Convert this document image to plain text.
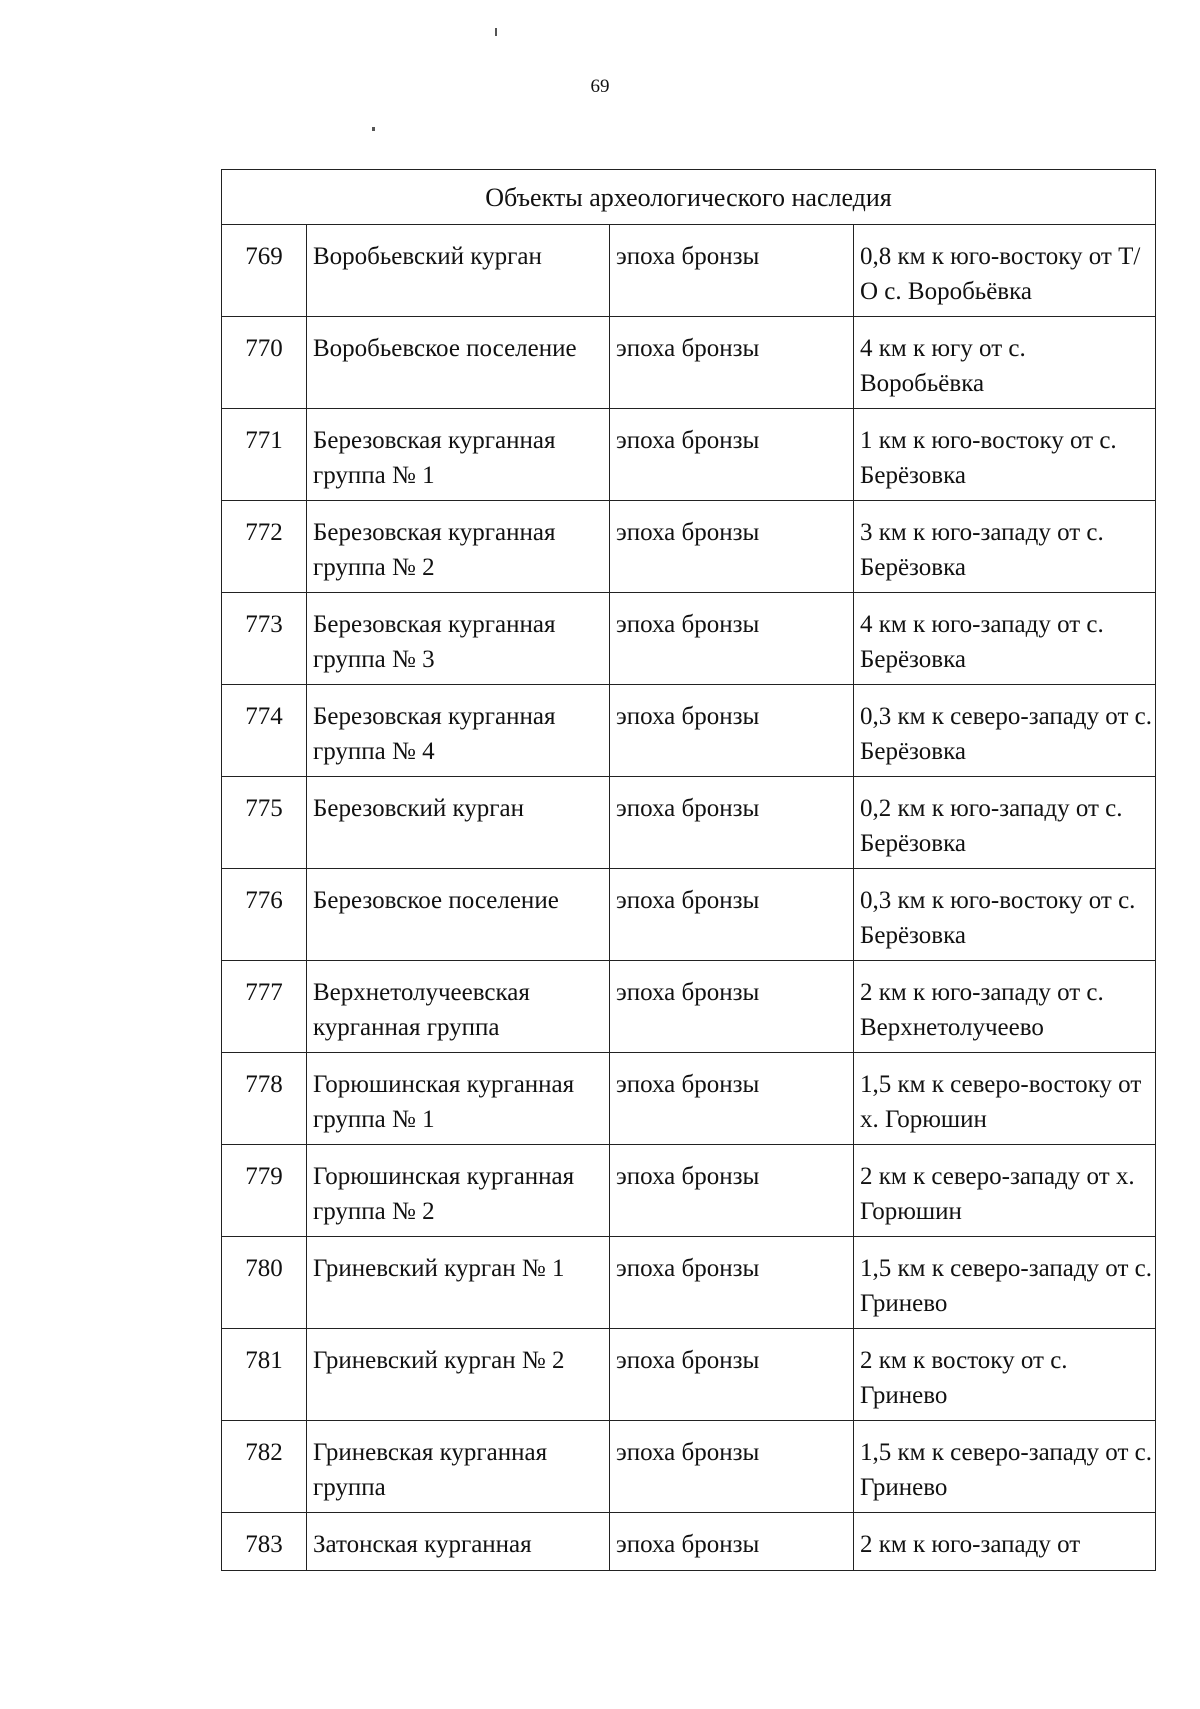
69
Объекты археологического наследия			
769	Воробьевский курган	эпоха бронзы	0,8 км к юго-востоку от Т/О с. Воробьёвка
770	Воробьевское поселение	эпоха бронзы	4 км к югу от с. Воробьёвка
771	Березовская курганная группа № 1	эпоха бронзы	1 км к юго-востоку от с. Берёзовка
772	Березовская курганная группа № 2	эпоха бронзы	3 км к юго-западу от с. Берёзовка
773	Березовская курганная группа № 3	эпоха бронзы	4 км к юго-западу от с. Берёзовка
774	Березовская курганная группа № 4	эпоха бронзы	0,3 км к северо-западу от с. Берёзовка
775	Березовский курган	эпоха бронзы	0,2 км к юго-западу от с. Берёзовка
776	Березовское поселение	эпоха бронзы	0,3 км к юго-востоку от с. Берёзовка
777	Верхнетолучеевская курганная группа	эпоха бронзы	2 км к юго-западу от с. Верхнетолучеево
778	Горюшинская курганная группа № 1	эпоха бронзы	1,5 км к северо-востоку от х. Горюшин
779	Горюшинская курганная группа № 2	эпоха бронзы	2 км к северо-западу от х. Горюшин
780	Гриневский курган № 1	эпоха бронзы	1,5 км к северо-западу от с. Гринево
781	Гриневский курган № 2	эпоха бронзы	2 км к востоку от с. Гринево
782	Гриневская курганная группа	эпоха бронзы	1,5 км к северо-западу от с. Гринево
783	Затонская курганная	эпоха бронзы	2 км к юго-западу от
